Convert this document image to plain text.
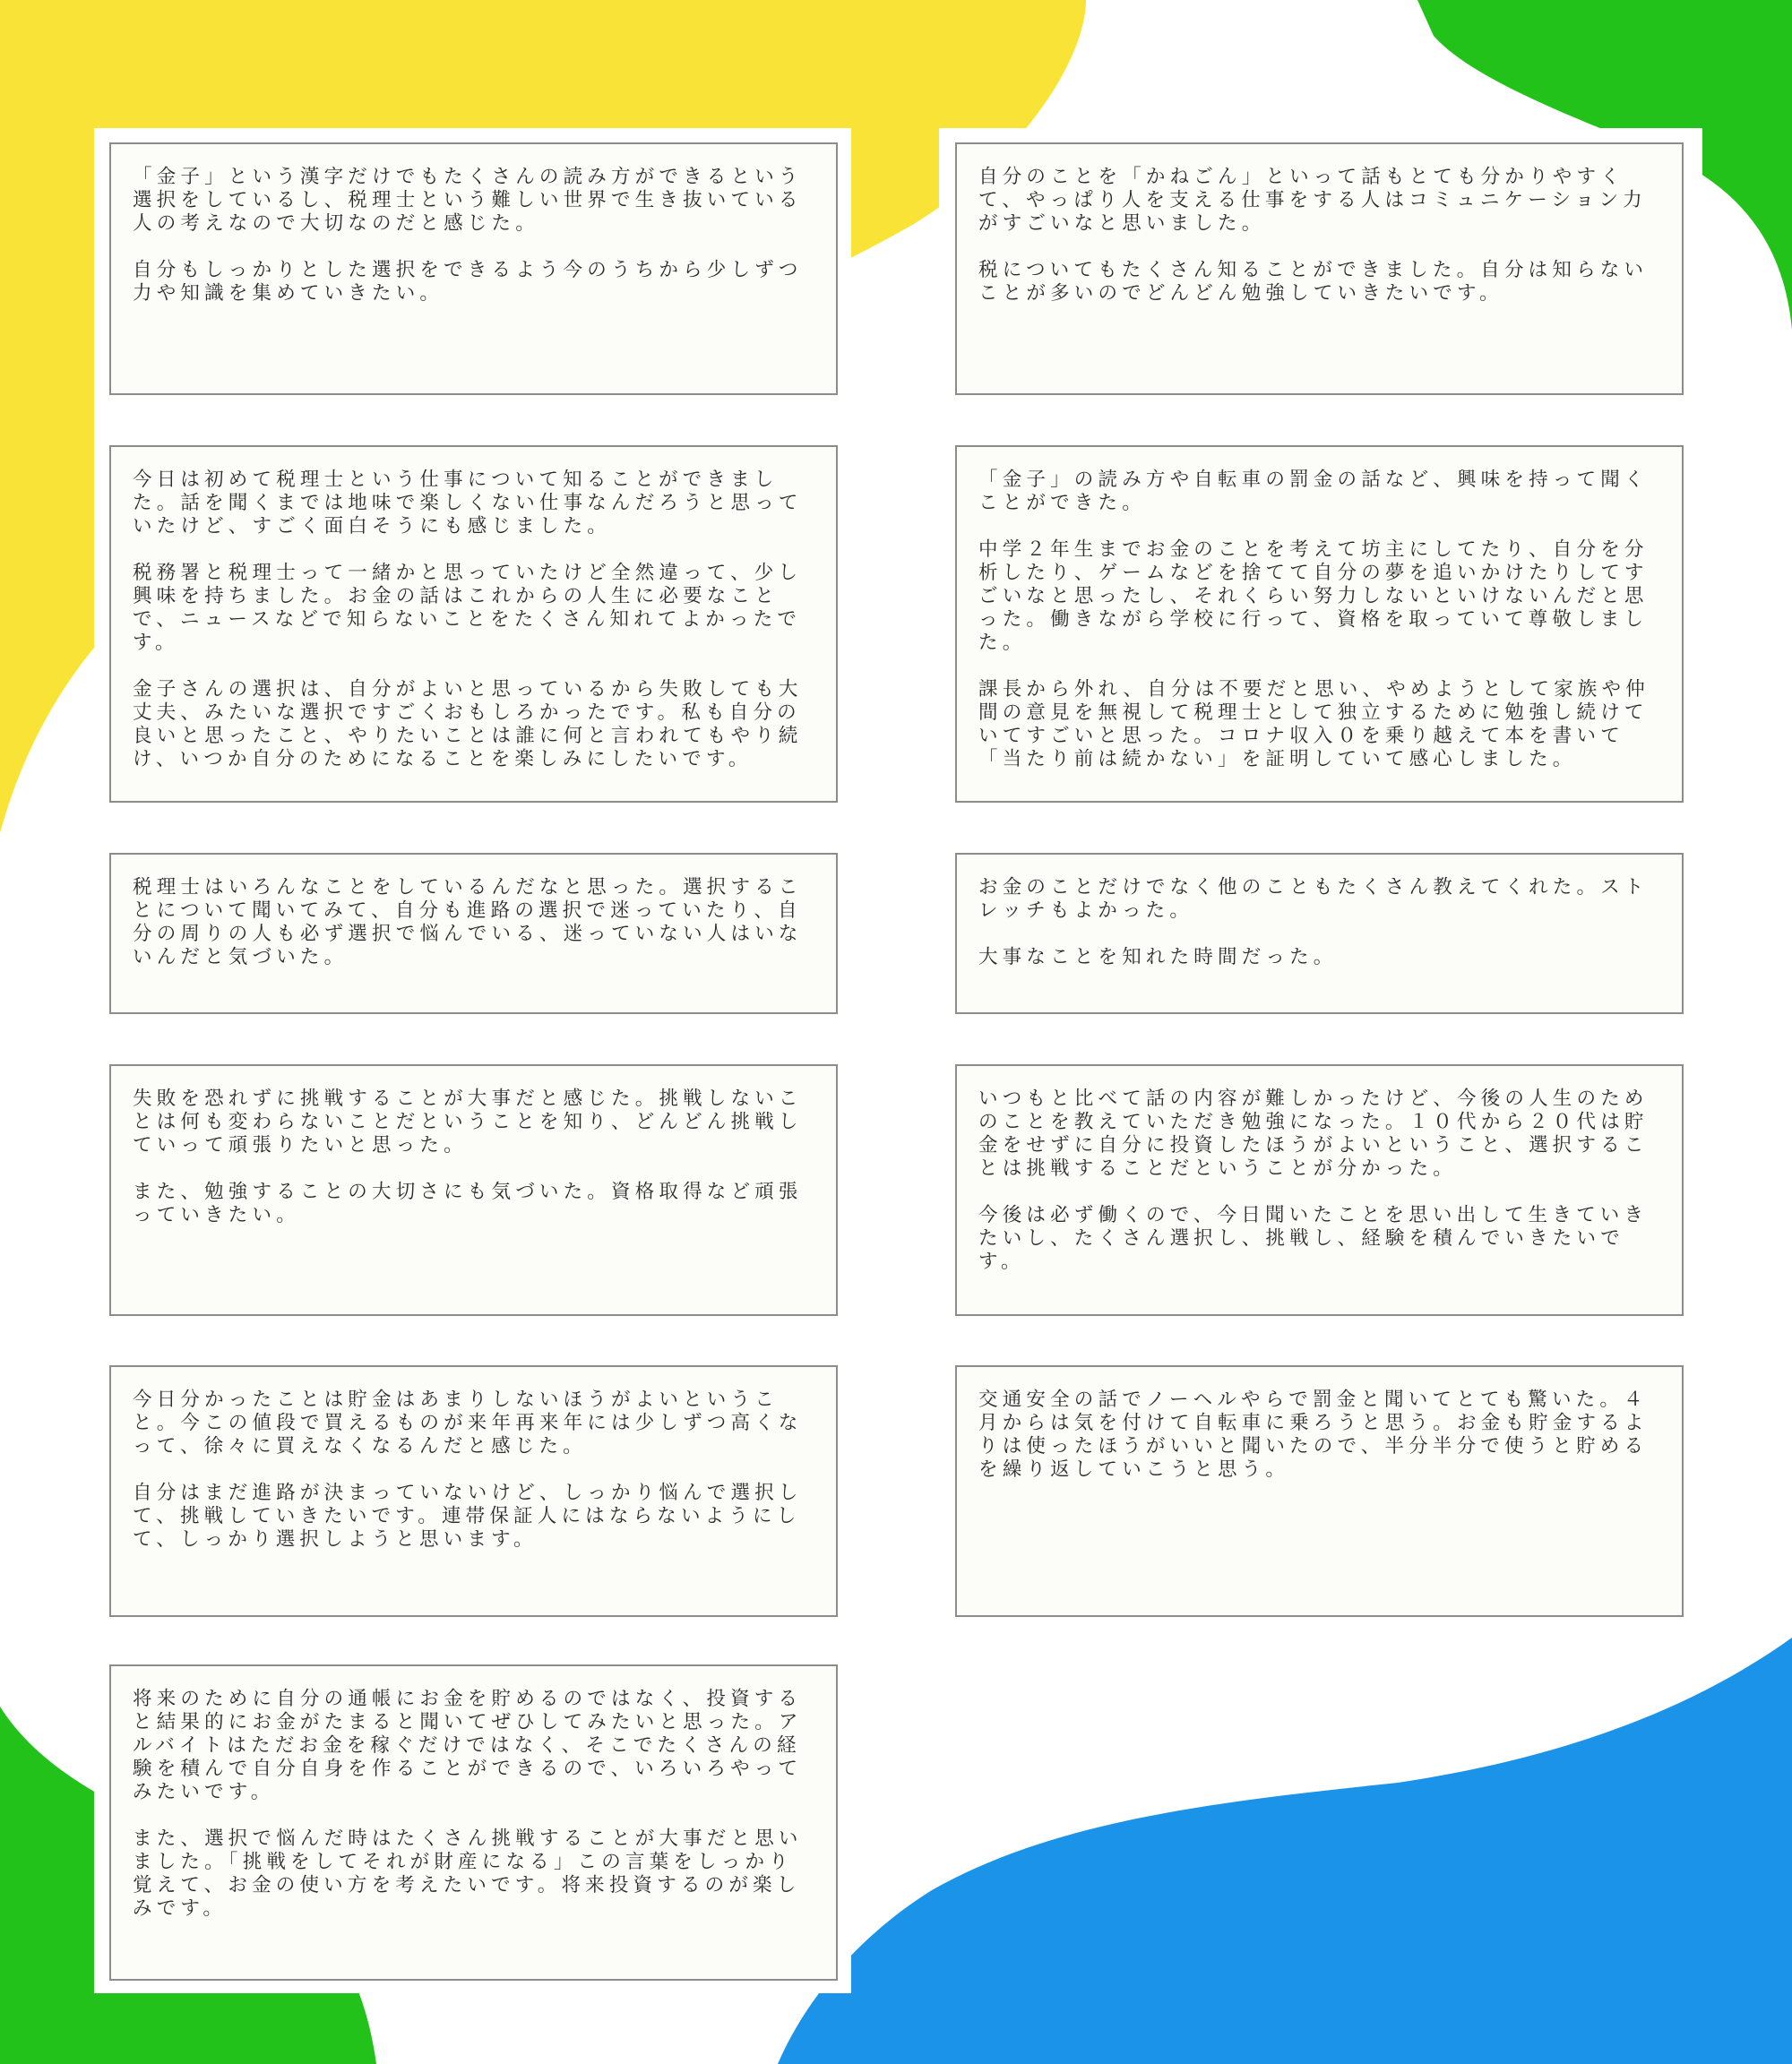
「金子」という漢字だけでもたくさんの読み方ができるという選択をしているし、税理士という難しい世界で生き抜いている人の考えなので大切なのだと感じた。

自分もしっかりとした選択をできるよう今のうちから少しずつ力や知識を集めていきたい。

自分のことを「かねごん」といって話もとても分かりやすくて、やっぱり人を支える仕事をする人はコミュニケーション力がすごいなと思いました。

税についてもたくさん知ることができました。自分は知らないことが多いのでどんどん勉強していきたいです。

今日は初めて税理士という仕事について知ることができました。話を聞くまでは地味で楽しくない仕事なんだろうと思っていたけど、すごく面白そうにも感じました。

税務署と税理士って一緒かと思っていたけど全然違って、少し興味を持ちました。お金の話はこれからの人生に必要なことで、ニュースなどで知らないことをたくさん知れてよかったです。

金子さんの選択は、自分がよいと思っているから失敗しても大丈夫、みたいな選択ですごくおもしろかったです。私も自分の良いと思ったこと、やりたいことは誰に何と言われてもやり続け、いつか自分のためになることを楽しみにしたいです。

「金子」の読み方や自転車の罰金の話など、興味を持って聞くことができた。

中学２年生までお金のことを考えて坊主にしてたり、自分を分析したり、ゲームなどを捨てて自分の夢を追いかけたりしてすごいなと思ったし、それくらい努力しないといけないんだと思った。働きながら学校に行って、資格を取っていて尊敬しました。

課長から外れ、自分は不要だと思い、やめようとして家族や仲間の意見を無視して税理士として独立するために勉強し続けていてすごいと思った。コロナ収入０を乗り越えて本を書いて「当たり前は続かない」を証明していて感心しました。

税理士はいろんなことをしているんだなと思った。選択することについて聞いてみて、自分も進路の選択で迷っていたり、自分の周りの人も必ず選択で悩んでいる、迷っていない人はいないんだと気づいた。

お金のことだけでなく他のこともたくさん教えてくれた。ストレッチもよかった。

大事なことを知れた時間だった。

失敗を恐れずに挑戦することが大事だと感じた。挑戦しないことは何も変わらないことだということを知り、どんどん挑戦していって頑張りたいと思った。

また、勉強することの大切さにも気づいた。資格取得など頑張っていきたい。

いつもと比べて話の内容が難しかったけど、今後の人生のためのことを教えていただき勉強になった。１０代から２０代は貯金をせずに自分に投資したほうがよいということ、選択することは挑戦することだということが分かった。

今後は必ず働くので、今日聞いたことを思い出して生きていきたいし、たくさん選択し、挑戦し、経験を積んでいきたいです。

今日分かったことは貯金はあまりしないほうがよいということ。今この値段で買えるものが来年再来年には少しずつ高くなって、徐々に買えなくなるんだと感じた。

自分はまだ進路が決まっていないけど、しっかり悩んで選択して、挑戦していきたいです。連帯保証人にはならないようにして、しっかり選択しようと思います。

交通安全の話でノーヘルやらで罰金と聞いてとても驚いた。４月からは気を付けて自転車に乗ろうと思う。お金も貯金するよりは使ったほうがいいと聞いたので、半分半分で使うと貯めるを繰り返していこうと思う。

将来のために自分の通帳にお金を貯めるのではなく、投資すると結果的にお金がたまると聞いてぜひしてみたいと思った。アルバイトはただお金を稼ぐだけではなく、そこでたくさんの経験を積んで自分自身を作ることができるので、いろいろやってみたいです。

また、選択で悩んだ時はたくさん挑戦することが大事だと思いました。「挑戦をしてそれが財産になる」この言葉をしっかり覚えて、お金の使い方を考えたいです。将来投資するのが楽しみです。
